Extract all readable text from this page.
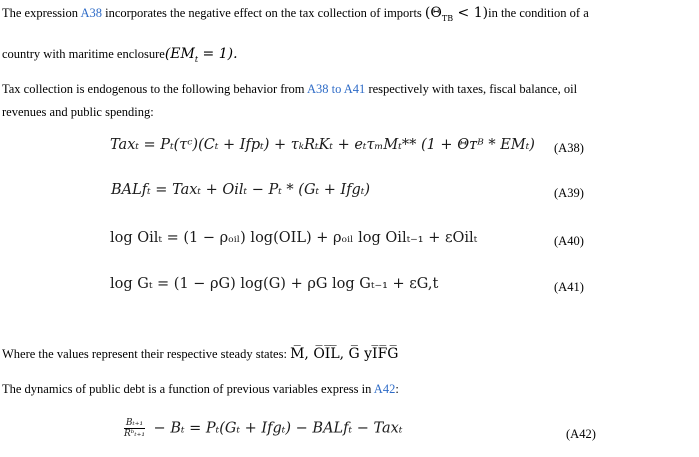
The expression A38 incorporates the negative effect on the tax collection of imports $(\Theta_{TB} < 1)in$ the condition of a
country with maritime $enclosure(EM_t = 1)$.
Tax collection is endogenous to the following behavior from A38 to A41 respectively with taxes, fiscal balance, oil
revenues and public spending:
Taxₜ = Pₜ(τᶜ)(Cₜ + Ifpₜ) + τₖRₜKₜ + eₜτₘMₜ** (1 + Θᴛᴮ * EMₜ) (A38)
BALfₜ = Taxₜ + Oilₜ − Pₜ * (Gₜ + Ifgₜ)	(A39)
log Oilₜ = (1 − ρₒᵢₗ) log(OIL) + ρₒᵢₗ log Oilₜ₋₁ + εOilₜ	(A40)
log Gₜ = (1 − ρG) log(G) + ρG log Gₜ₋₁ + εG,t	(A41)
Where the values represent their respective steady states: M̅, O̅I̅L̅, G̅ yI̅F̅G̅
The dynamics of public debt is a function of previous variables express in A42:
$\frac{\text{Bₜ₊₁}}{\text{Rᵇₜ₊₁}} - B_t = P_t(G_t + Ifg_t)$ − BALfₜ − Taxₜ	(A42)
